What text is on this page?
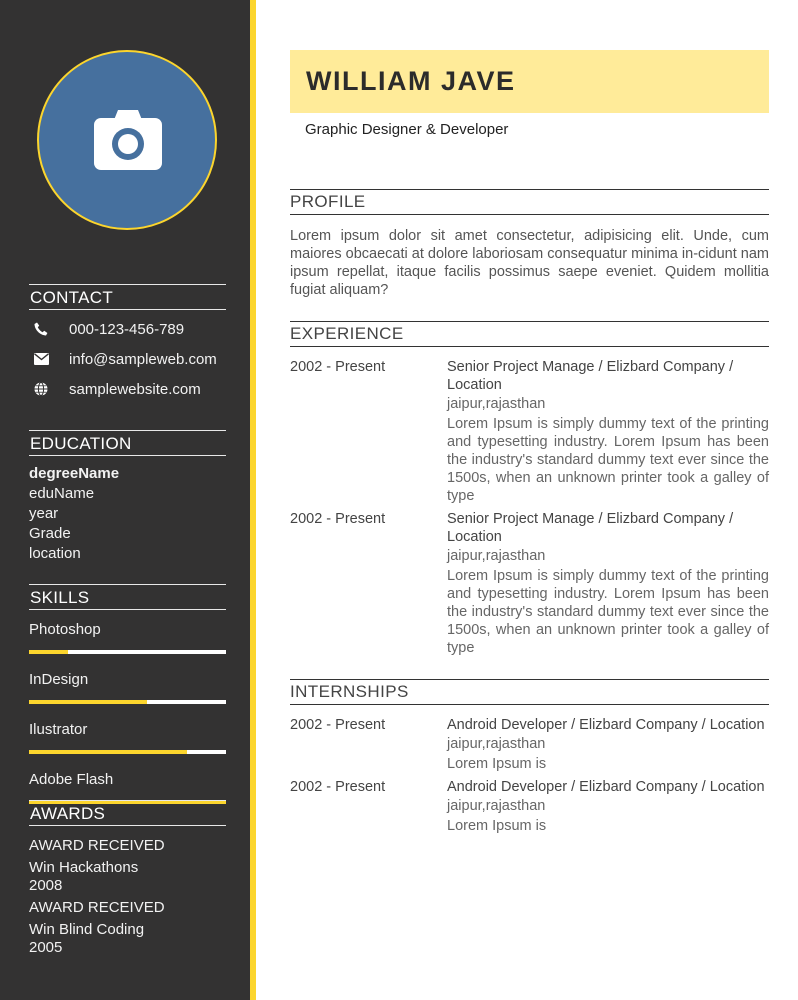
CONTACT
000-123-456-789
info@sampleweb.com
samplewebsite.com
EDUCATION
degreeName
eduName
year
Grade
location
SKILLS
Photoshop
InDesign
Ilustrator
Adobe Flash
AWARDS
AWARD RECEIVED
Win Hackathons
2008
AWARD RECEIVED
Win Blind Coding
2005
WILLIAM JAVE
Graphic Designer & Developer
PROFILE
Lorem ipsum dolor sit amet consectetur, adipisicing elit. Unde, cum maiores obcaecati at dolore laboriosam consequatur minima in-cidunt nam ipsum repellat, itaque facilis possimus saepe eveniet. Quidem mollitia fugiat aliquam?
EXPERIENCE
2002 - Present	Senior Project Manage / Elizbard Company / Location
jaipur,rajasthan
Lorem Ipsum is simply dummy text of the printing and typesetting industry. Lorem Ipsum has been the industry's standard dummy text ever since the 1500s, when an unknown printer took a galley of type
2002 - Present	Senior Project Manage / Elizbard Company / Location
jaipur,rajasthan
Lorem Ipsum is simply dummy text of the printing and typesetting industry. Lorem Ipsum has been the industry's standard dummy text ever since the 1500s, when an unknown printer took a galley of type
INTERNSHIPS
2002 - Present	Android Developer / Elizbard Company / Location
jaipur,rajasthan
Lorem Ipsum is
2002 - Present	Android Developer / Elizbard Company / Location
jaipur,rajasthan
Lorem Ipsum is
